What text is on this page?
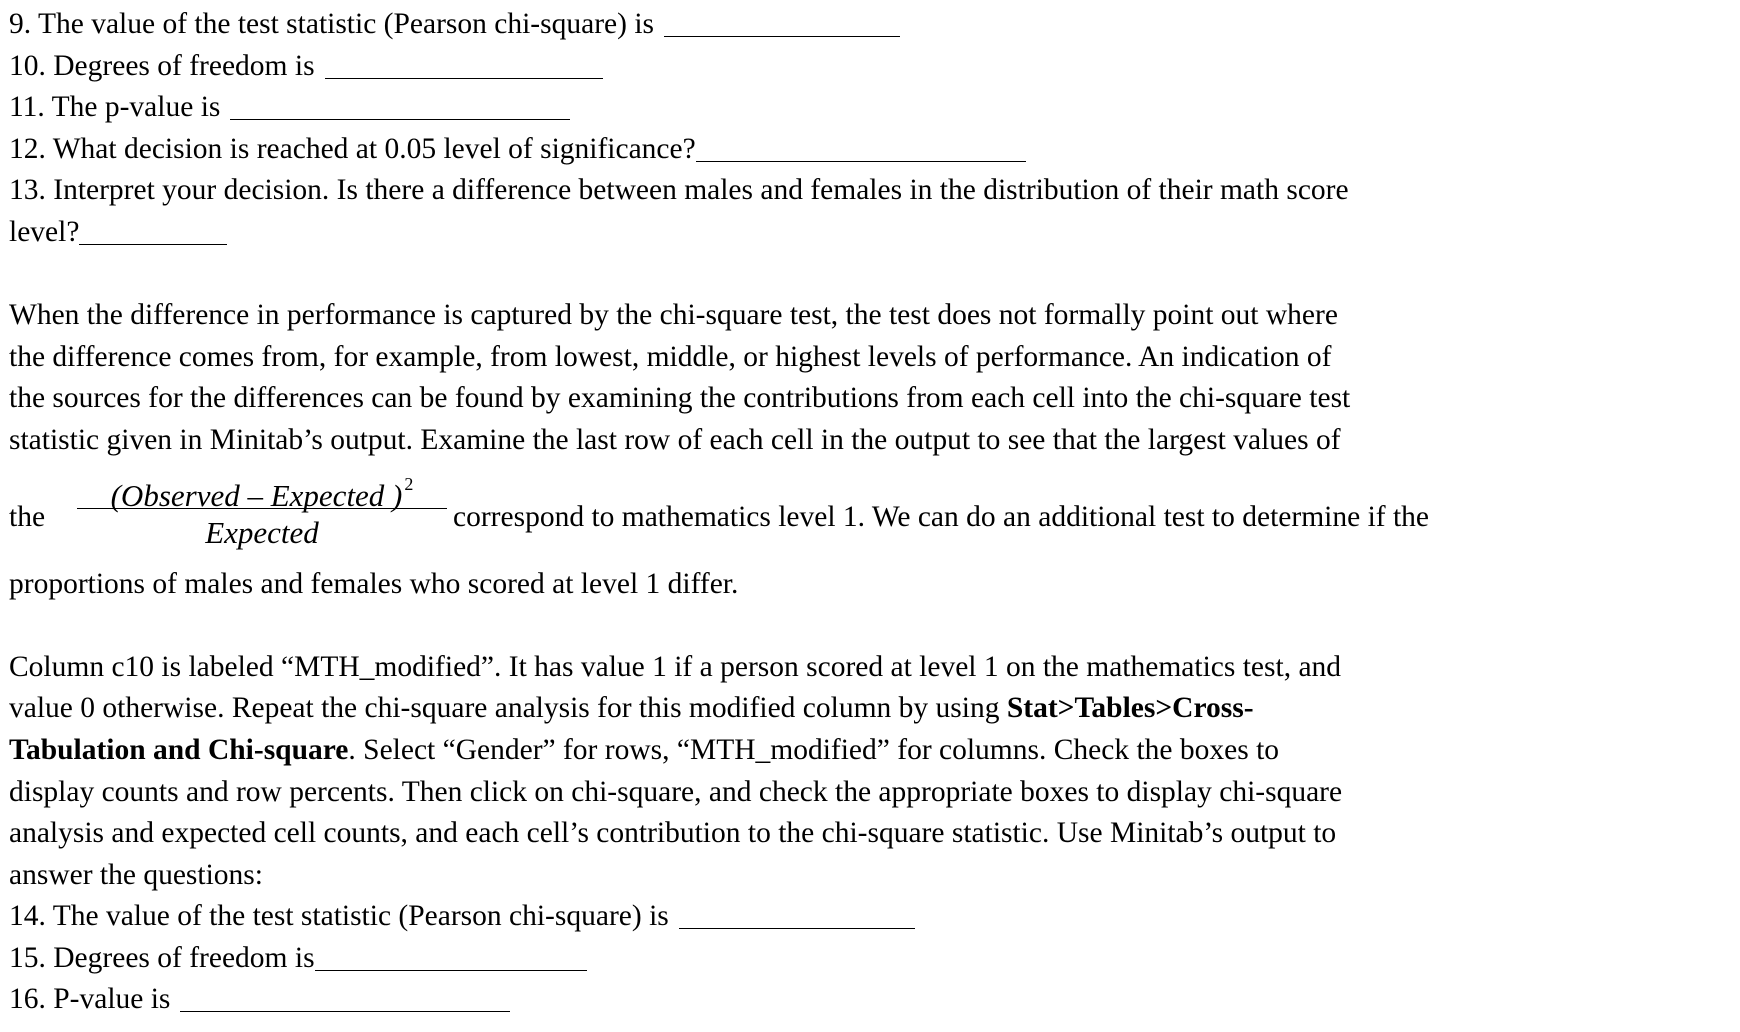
9. The value of the test statistic (Pearson chi-square) is
10. Degrees of freedom is
11. The p-value is
12. What decision is reached at 0.05 level of significance?
13. Interpret your decision. Is there a difference between males and females in the distribution of their math score
level?
When the difference in performance is captured by the chi-square test, the test does not formally point out where
the difference comes from, for example, from lowest, middle, or highest levels of performance. An indication of
the sources for the differences can be found by examining the contributions from each cell into the chi-square test
statistic given in Minitab’s output. Examine the last row of each cell in the output to see that the largest values of
the
(Observed – Expected ) $^2$
Expected	correspond to mathematics level 1. We can do an additional test to determine if the
proportions of males and females who scored at level 1 differ.
Column c10 is labeled “MTH_modified”. It has value 1 if a person scored at level 1 on the mathematics test, and
value 0 otherwise. Repeat the chi-square analysis for this modified column by using Stat>Tables>Cross-
Tabulation and Chi-square. Select “Gender” for rows, “MTH_modified” for columns. Check the boxes to
display counts and row percents. Then click on chi-square, and check the appropriate boxes to display chi-square
analysis and expected cell counts, and each cell’s contribution to the chi-square statistic. Use Minitab’s output to
answer the questions:
14. The value of the test statistic (Pearson chi-square) is
15. Degrees of freedom is
16. P-value is
